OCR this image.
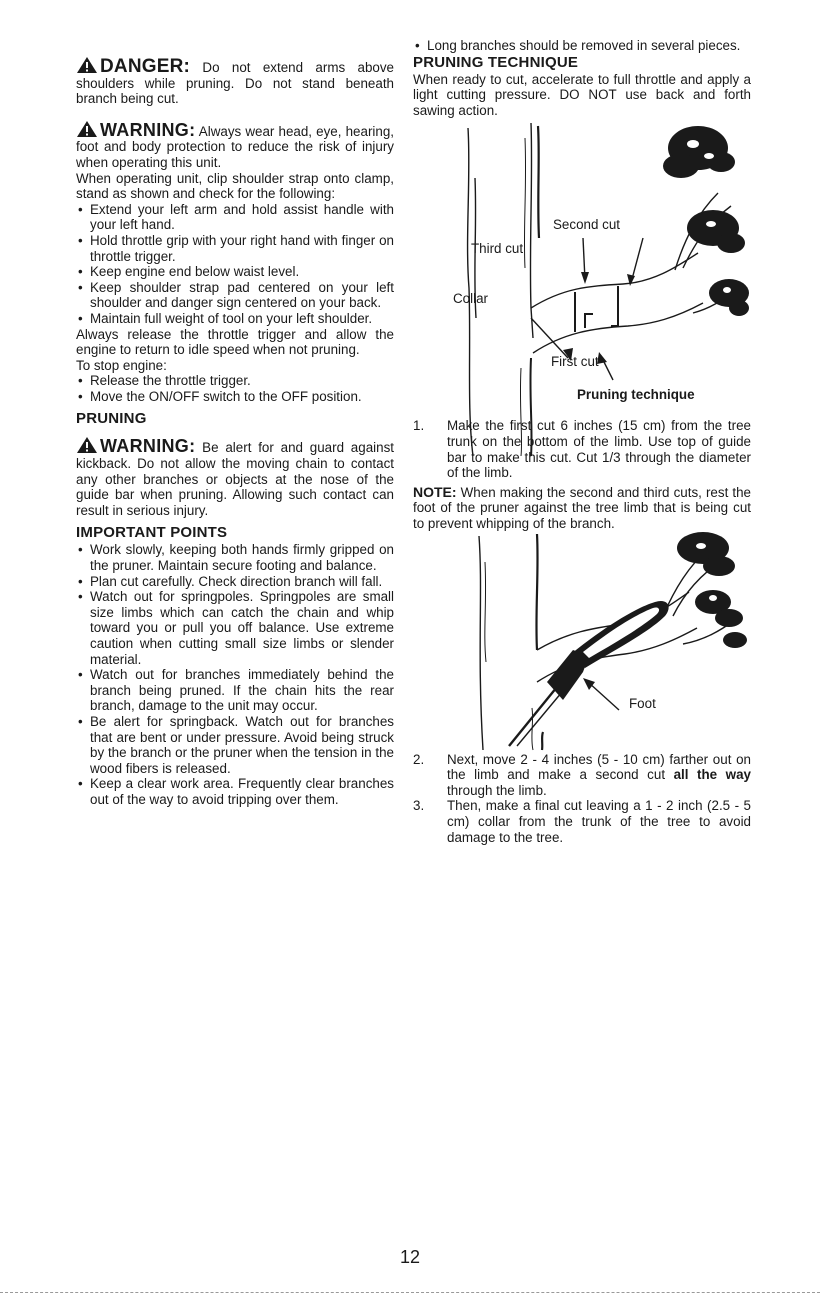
DANGER: Do not extend arms above shoulders while pruning. Do not stand beneath branch being cut.

WARNING: Always wear head, eye, hearing, foot and body protection to reduce the risk of injury when operating this unit.

When operating unit, clip shoulder strap onto clamp, stand as shown and check for the following:

• Extend your left arm and hold assist handle with your left hand.
• Hold throttle grip with your right hand with finger on throttle trigger.
• Keep engine end below waist level.
• Keep shoulder strap pad centered on your left shoulder and danger sign centered on your back.
• Maintain full weight of tool on your left shoulder.

Always release the throttle trigger and allow the engine to return to idle speed when not pruning.

To stop engine:

• Release the throttle trigger.
• Move the ON/OFF switch to the OFF position.
PRUNING

WARNING: Be alert for and guard against kickback. Do not allow the moving chain to contact any other branches or objects at the nose of the guide bar when pruning. Allowing such contact can result in serious injury.

IMPORTANT POINTS
• Work slowly, keeping both hands firmly gripped on the pruner. Maintain secure footing and balance.
• Plan cut carefully. Check direction branch will fall.
• Watch out for springpoles. Springpoles are small size limbs which can catch the chain and whip toward you or pull you off balance. Use extreme caution when cutting small size limbs or slender material.
• Watch out for branches immediately behind the branch being pruned. If the chain hits the rear branch, damage to the unit may occur.
• Be alert for springback. Watch out for branches that are bent or under pressure. Avoid being struck by the branch or the pruner when the tension in the wood fibers is released.
• Keep a clear work area. Frequently clear branches out of the way to avoid tripping over them.
• Long branches should be removed in several pieces.
PRUNING TECHNIQUE

When ready to cut, accelerate to full throttle and apply a light cutting pressure. DO NOT use back and forth sawing action.

Second cut
Third cut
Collar
First cut
Pruning technique
1. Make the first cut 6 inches (15 cm) from the tree trunk on the bottom of the limb. Use top of guide bar to make this cut. Cut 1/3 through the diameter of the limb.

NOTE: When making the second and third cuts, rest the foot of the pruner against the tree limb that is being cut to prevent whipping of the branch.

Foot
2. Next, move 2 - 4 inches (5 - 10 cm) farther out on the limb and make a second cut all the way through the limb.
3. Then, make a final cut leaving a 1 - 2 inch (2.5 - 5 cm) collar from the trunk of the tree to avoid damage to the tree.
12
